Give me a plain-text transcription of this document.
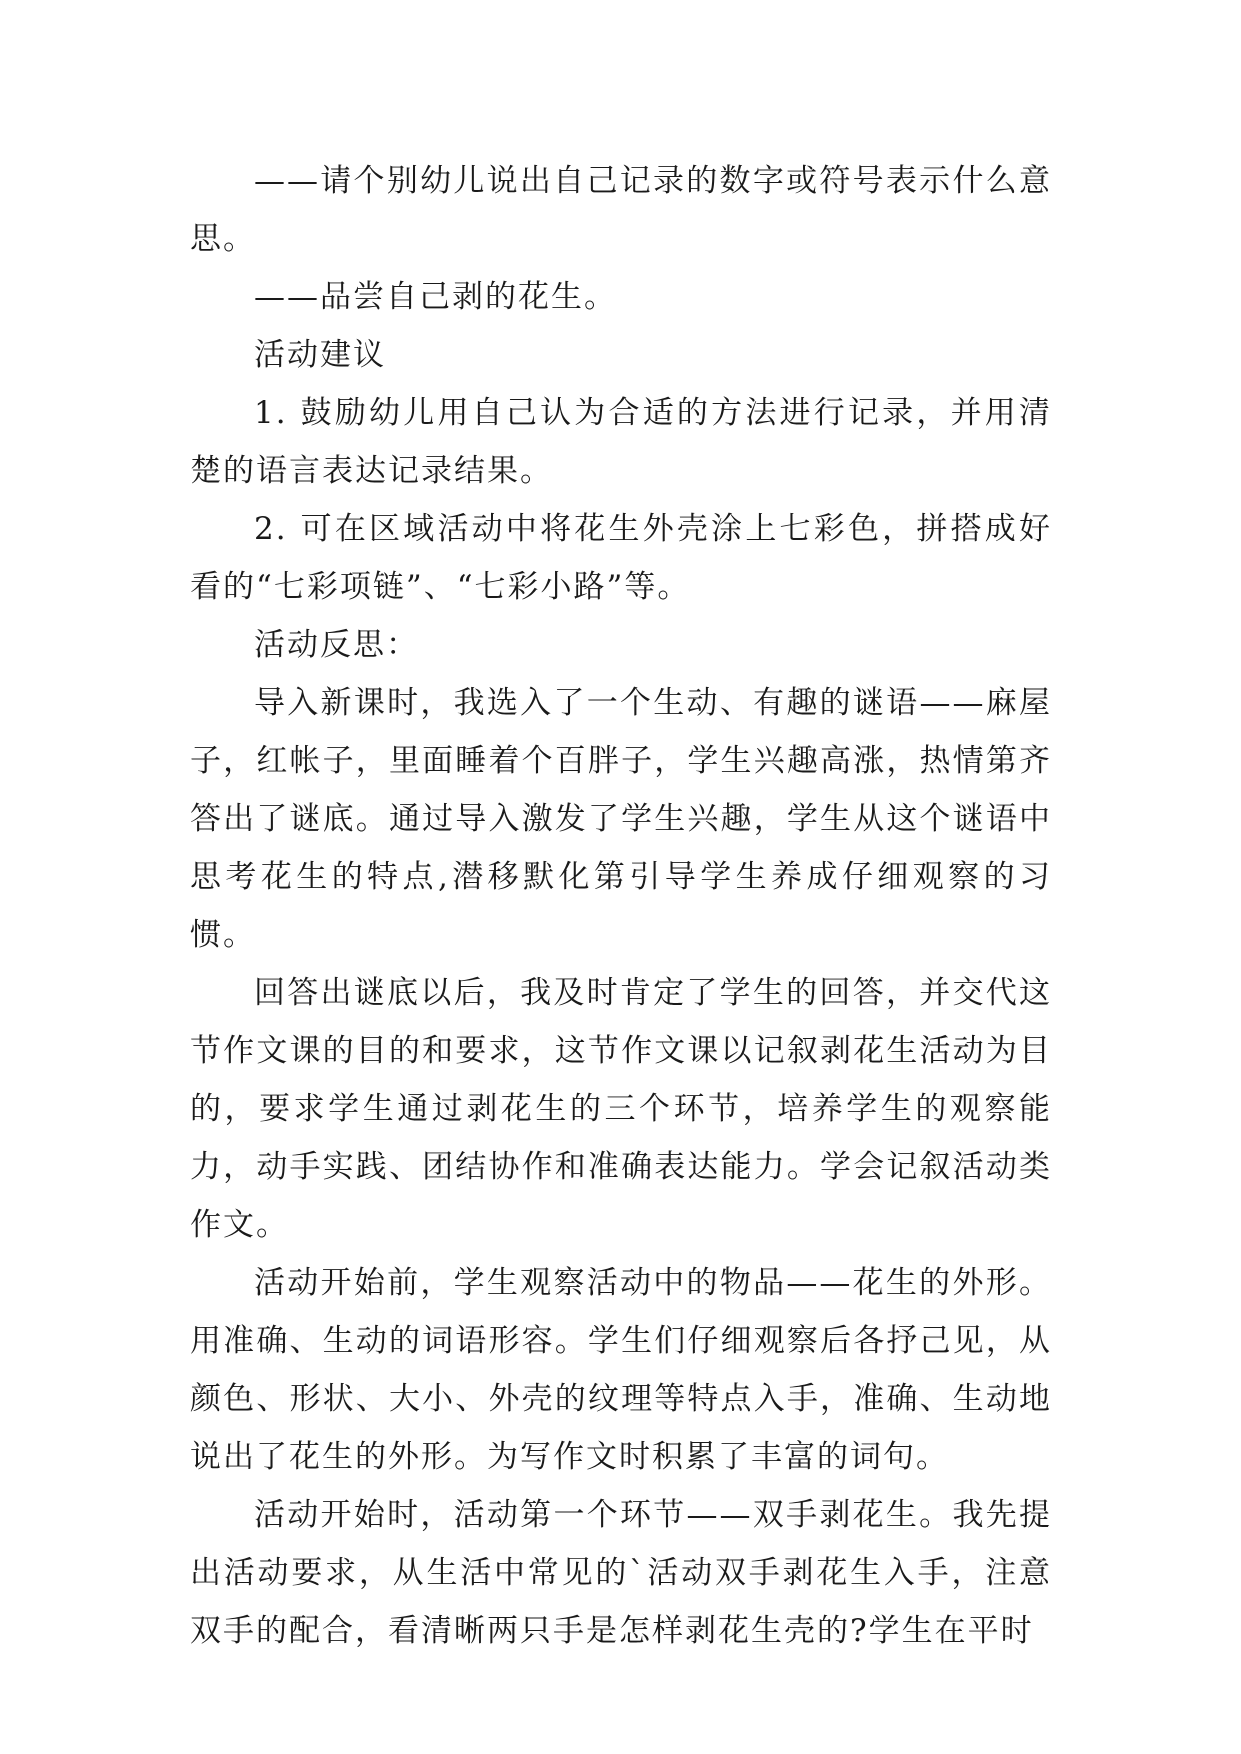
——请个别幼儿说出自己记录的数字或符号表示什么意思。

——品尝自己剥的花生。

活动建议

1. 鼓励幼儿用自己认为合适的方法进行记录，并用清楚的语言表达记录结果。

2. 可在区域活动中将花生外壳涂上七彩色，拼搭成好看的“七彩项链”、“七彩小路”等。

活动反思：

导入新课时，我选入了一个生动、有趣的谜语——麻屋子，红帐子，里面睡着个百胖子，学生兴趣高涨，热情第齐答出了谜底。通过导入激发了学生兴趣，学生从这个谜语中思考花生的特点,潜移默化第引导学生养成仔细观察的习惯。

回答出谜底以后，我及时肯定了学生的回答，并交代这节作文课的目的和要求，这节作文课以记叙剥花生活动为目的，要求学生通过剥花生的三个环节，培养学生的观察能力，动手实践、团结协作和准确表达能力。学会记叙活动类作文。

活动开始前，学生观察活动中的物品——花生的外形。用准确、生动的词语形容。学生们仔细观察后各抒己见，从颜色、形状、大小、外壳的纹理等特点入手，准确、生动地说出了花生的外形。为写作文时积累了丰富的词句。

活动开始时，活动第一个环节——双手剥花生。我先提出活动要求，从生活中常见的`活动双手剥花生入手，注意双手的配合，看清晰两只手是怎样剥花生壳的?学生在平时
